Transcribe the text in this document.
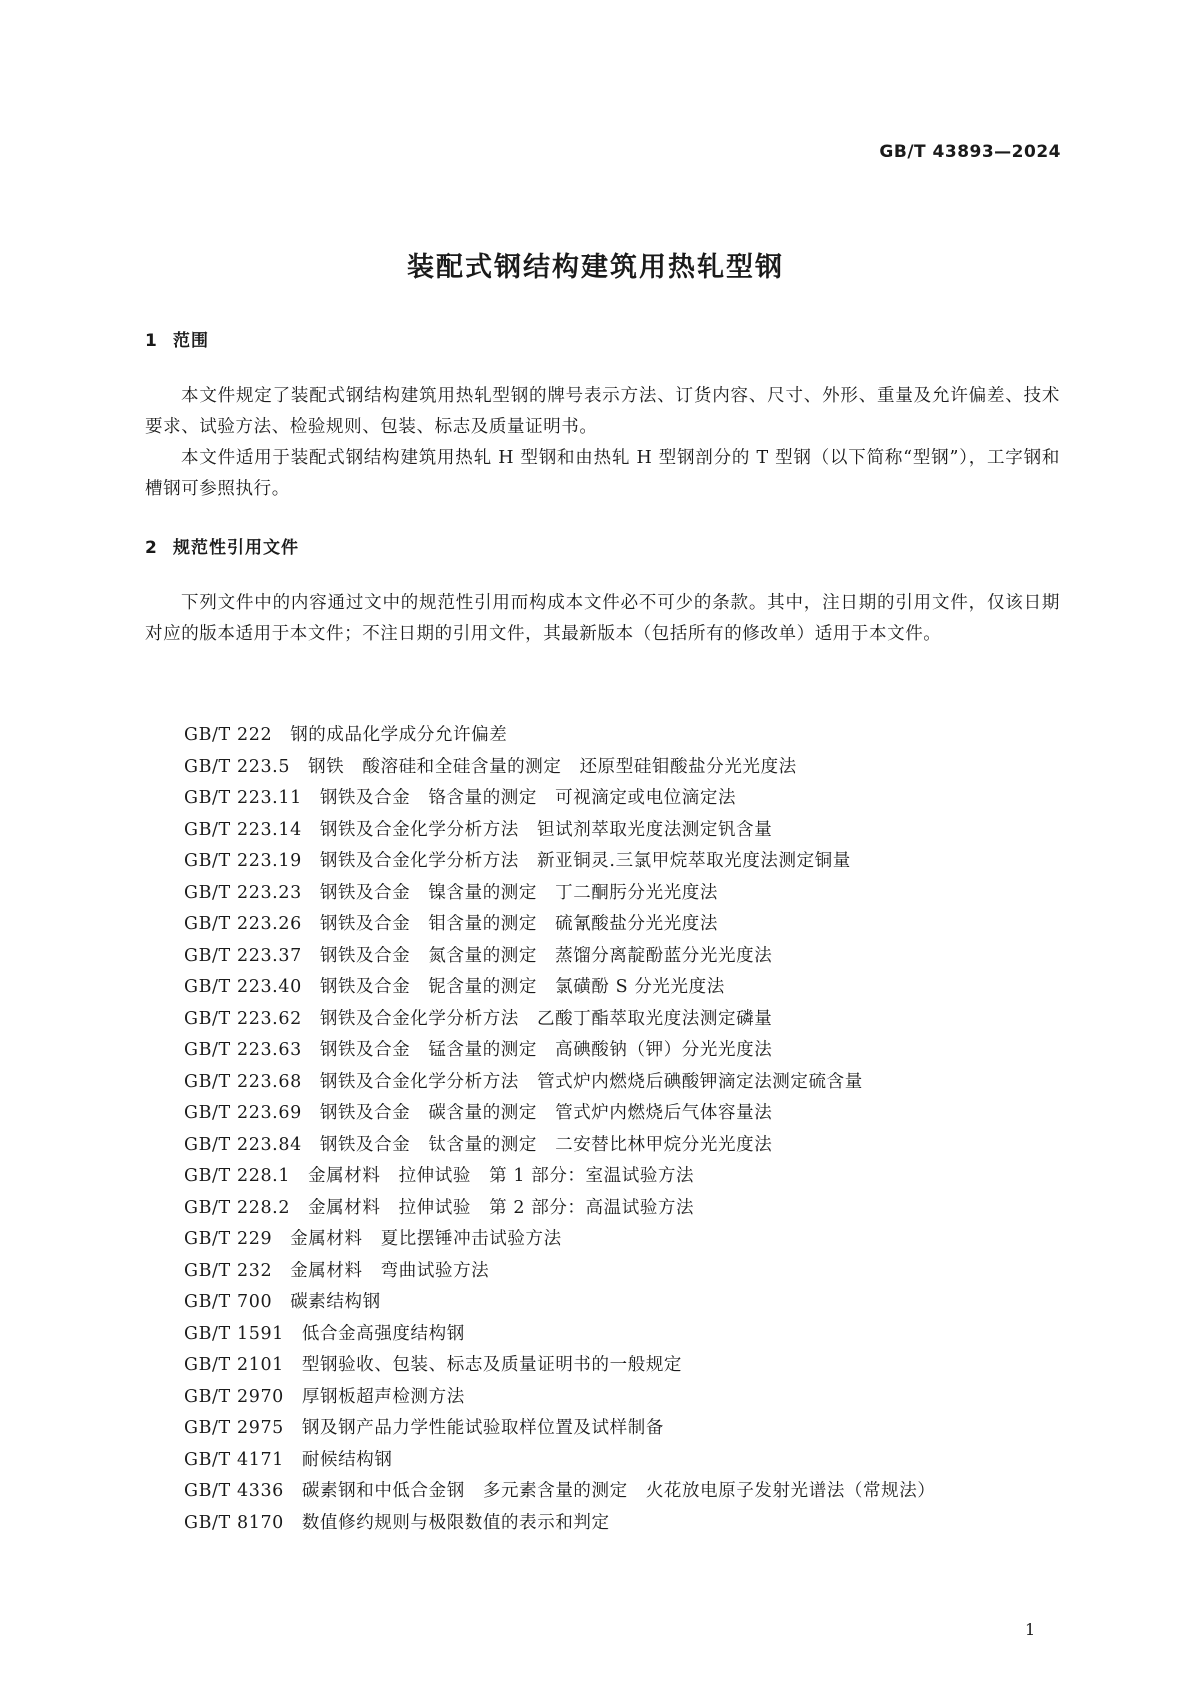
GB/T 43893—2024

装配式钢结构建筑用热轧型钢
1 范围

本文件规定了装配式钢结构建筑用热轧型钢的牌号表示方法、订货内容、尺寸、外形、重量及允许偏差、技术要求、试验方法、检验规则、包装、标志及质量证明书。

本文件适用于装配式钢结构建筑用热轧 H 型钢和由热轧 H 型钢剖分的 T 型钢（以下简称“型钢”），工字钢和槽钢可参照执行。

2 规范性引用文件

下列文件中的内容通过文中的规范性引用而构成本文件必不可少的条款。其中，注日期的引用文件，仅该日期对应的版本适用于本文件；不注日期的引用文件，其最新版本（包括所有的修改单）适用于本文件。

GB/T 222 钢的成品化学成分允许偏差
GB/T 223.5 钢铁　酸溶硅和全硅含量的测定　还原型硅钼酸盐分光光度法
GB/T 223.11 钢铁及合金　铬含量的测定　可视滴定或电位滴定法
GB/T 223.14 钢铁及合金化学分析方法　钽试剂萃取光度法测定钒含量
GB/T 223.19 钢铁及合金化学分析方法　新亚铜灵.三氯甲烷萃取光度法测定铜量
GB/T 223.23 钢铁及合金　镍含量的测定　丁二酮肟分光光度法
GB/T 223.26 钢铁及合金　钼含量的测定　硫氰酸盐分光光度法
GB/T 223.37 钢铁及合金　氮含量的测定　蒸馏分离靛酚蓝分光光度法
GB/T 223.40 钢铁及合金　铌含量的测定　氯磺酚 S 分光光度法
GB/T 223.62 钢铁及合金化学分析方法　乙酸丁酯萃取光度法测定磷量
GB/T 223.63 钢铁及合金　锰含量的测定　高碘酸钠（钾）分光光度法
GB/T 223.68 钢铁及合金化学分析方法　管式炉内燃烧后碘酸钾滴定法测定硫含量
GB/T 223.69 钢铁及合金　碳含量的测定　管式炉内燃烧后气体容量法
GB/T 223.84 钢铁及合金　钛含量的测定　二安替比林甲烷分光光度法
GB/T 228.1 金属材料　拉伸试验　第 1 部分：室温试验方法
GB/T 228.2 金属材料　拉伸试验　第 2 部分：高温试验方法
GB/T 229 金属材料　夏比摆锤冲击试验方法
GB/T 232 金属材料　弯曲试验方法
GB/T 700 碳素结构钢
GB/T 1591 低合金高强度结构钢
GB/T 2101 型钢验收、包装、标志及质量证明书的一般规定
GB/T 2970 厚钢板超声检测方法
GB/T 2975 钢及钢产品力学性能试验取样位置及试样制备
GB/T 4171 耐候结构钢
GB/T 4336 碳素钢和中低合金钢　多元素含量的测定　火花放电原子发射光谱法（常规法）
GB/T 8170 数值修约规则与极限数值的表示和判定

1
